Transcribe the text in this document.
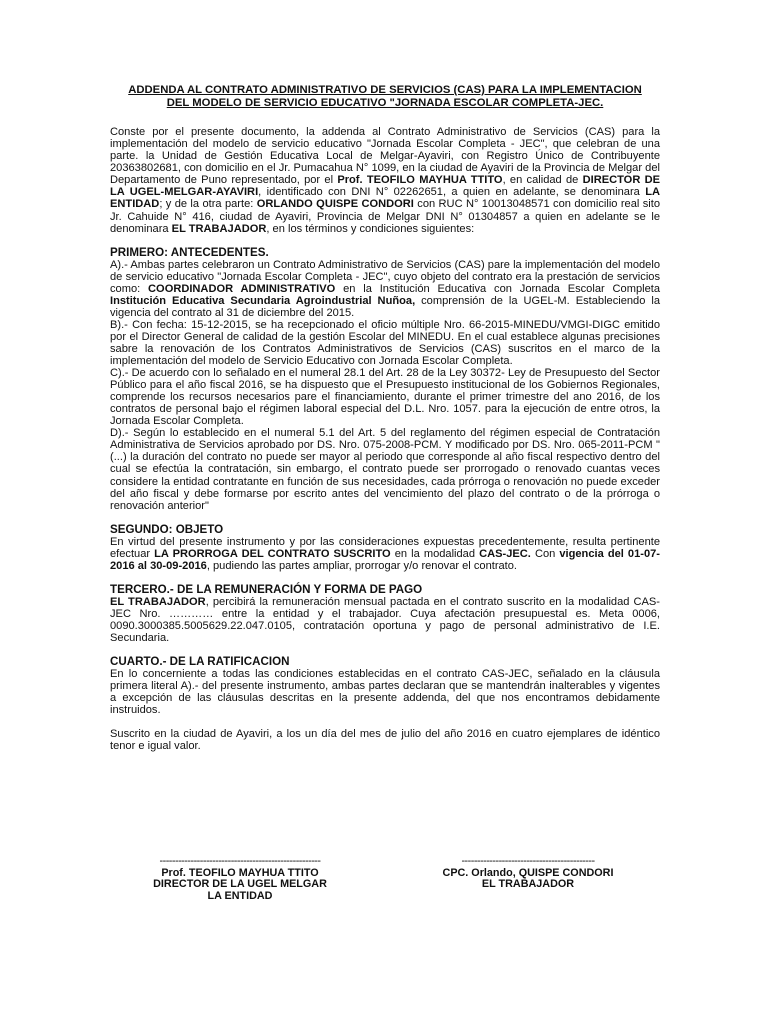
ADDENDA AL CONTRATO ADMINISTRATIVO DE SERVICIOS (CAS) PARA LA IMPLEMENTACION
DEL MODELO DE SERVICIO EDUCATIVO "JORNADA ESCOLAR COMPLETA-JEC.

Conste por el presente documento, la addenda al Contrato Administrativo de Servicios (CAS) para la implementación del modelo de servicio educativo "Jornada Escolar Completa - JEC", que celebran de una parte. la Unidad de Gestión Educativa Local de Melgar-Ayaviri, con Registro Único de Contribuyente 20363802681, con domicilio en el Jr. Pumacahua N° 1099, en la ciudad de Ayaviri de la Provincia de Melgar del Departamento de Puno representado, por el Prof. TEOFILO MAYHUA TTITO, en calidad de DIRECTOR DE LA UGEL-MELGAR-AYAVIRI, identificado con DNI N° 02262651, a quien en adelante, se denominara LA ENTIDAD; y de la otra parte: ORLANDO QUISPE CONDORI con RUC N° 10013048571 con domicilio real sito Jr. Cahuide N° 416, ciudad de Ayaviri, Provincia de Melgar DNI N° 01304857 a quien en adelante se le denominara EL TRABAJADOR, en los términos y condiciones siguientes:

PRIMERO: ANTECEDENTES.

A).- Ambas partes celebraron un Contrato Administrativo de Servicios (CAS) pare la implementación del modelo de servicio educativo "Jornada Escolar Completa - JEC", cuyo objeto del contrato era la prestación de servicios como: COORDINADOR ADMINISTRATIVO en la Institución Educativa con Jornada Escolar Completa Institución Educativa Secundaria Agroindustrial Nuñoa, comprensión de la UGEL-M. Estableciendo la vigencia del contrato al 31 de diciembre del 2015.

B).- Con fecha: 15-12-2015, se ha recepcionado el oficio múltiple Nro. 66-2015-MINEDU/VMGI-DIGC emitido por el Director General de calidad de la gestión Escolar del MINEDU. En el cual establece algunas precisiones sabre la renovación de los Contratos Administrativos de Servicios (CAS) suscritos en el marco de la implementación del modelo de Servicio Educativo con Jornada Escolar Completa.

C).- De acuerdo con lo señalado en el numeral 28.1 del Art. 28 de la Ley 30372- Ley de Presupuesto del Sector Público para el año fiscal 2016, se ha dispuesto que el Presupuesto institucional de los Gobiernos Regionales, comprende los recursos necesarios pare el financiamiento, durante el primer trimestre del ano 2016, de los contratos de personal bajo el régimen laboral especial del D.L. Nro. 1057. para la ejecución de entre otros, la Jornada Escolar Completa.

D).- Según lo establecido en el numeral 5.1 del Art. 5 del reglamento del régimen especial de Contratación Administrativa de Servicios aprobado por DS. Nro. 075-2008-PCM. Y modificado por DS. Nro. 065-2011-PCM "(...) la duración del contrato no puede ser mayor al periodo que corresponde al año fiscal respectivo dentro del cual se efectúa la contratación, sin embargo, el contrato puede ser prorrogado o renovado cuantas veces considere la entidad contratante en función de sus necesidades, cada prórroga o renovación no puede exceder del año fiscal y debe formarse por escrito antes del vencimiento del plazo del contrato o de la prórroga o renovación anterior"

SEGUNDO: OBJETO

En virtud del presente instrumento y por las consideraciones expuestas precedentemente, resulta pertinente efectuar LA PRORROGA DEL CONTRATO SUSCRITO en la modalidad CAS-JEC. Con vigencia del 01-07-2016 al 30-09-2016, pudiendo las partes ampliar, prorrogar y/o renovar el contrato.

TERCERO.- DE LA REMUNERACIÓN Y FORMA DE PAGO

EL TRABAJADOR, percibirá la remuneración mensual pactada en el contrato suscrito en la modalidad CAS-JEC Nro. ………… entre la entidad y el trabajador. Cuya afectación presupuestal es. Meta 0006, 0090.3000385.5005629.22.047.0105, contratación oportuna y pago de personal administrativo de I.E. Secundaria.

CUARTO.- DE LA RATIFICACION

En lo concerniente a todas las condiciones establecidas en el contrato CAS-JEC, señalado en la cláusula primera literal A).- del presente instrumento, ambas partes declaran que se mantendrán inalterables y vigentes a excepción de las cláusulas descritas en la presente addenda, del que nos encontramos debidamente instruidos.

Suscrito en la ciudad de Ayaviri, a los un día del mes de julio del año 2016 en cuatro ejemplares de idéntico tenor e igual valor.

----------------------------------------------------
Prof. TEOFILO MAYHUA TTITO
DIRECTOR DE LA UGEL MELGAR
LA ENTIDAD
-------------------------------------------
CPC. Orlando, QUISPE CONDORI
EL TRABAJADOR
